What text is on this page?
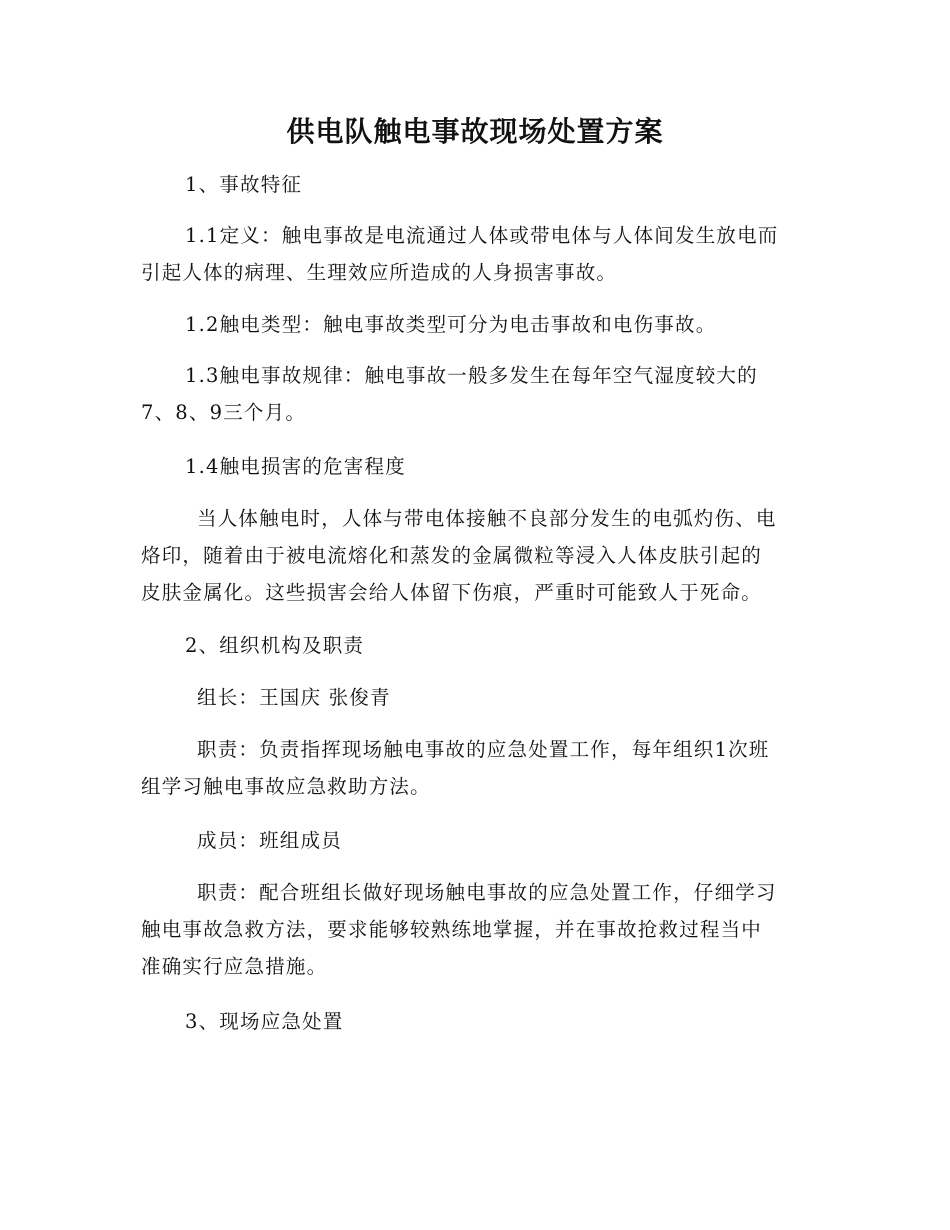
供电队触电事故现场处置方案

1、事故特征

1.1定义：触电事故是电流通过人体或带电体与人体间发生放电而
引起人体的病理、生理效应所造成的人身损害事故。

1.2触电类型：触电事故类型可分为电击事故和电伤事故。

1.3触电事故规律：触电事故一般多发生在每年空气湿度较大的
7、8、9三个月。

1.4触电损害的危害程度

当人体触电时，人体与带电体接触不良部分发生的电弧灼伤、电
烙印，随着由于被电流熔化和蒸发的金属微粒等浸入人体皮肤引起的
皮肤金属化。这些损害会给人体留下伤痕，严重时可能致人于死命。

2、组织机构及职责

组长：王国庆 张俊青

职责：负责指挥现场触电事故的应急处置工作，每年组织1次班
组学习触电事故应急救助方法。

成员：班组成员

职责：配合班组长做好现场触电事故的应急处置工作，仔细学习
触电事故急救方法，要求能够较熟练地掌握，并在事故抢救过程当中
准确实行应急措施。

3、现场应急处置
